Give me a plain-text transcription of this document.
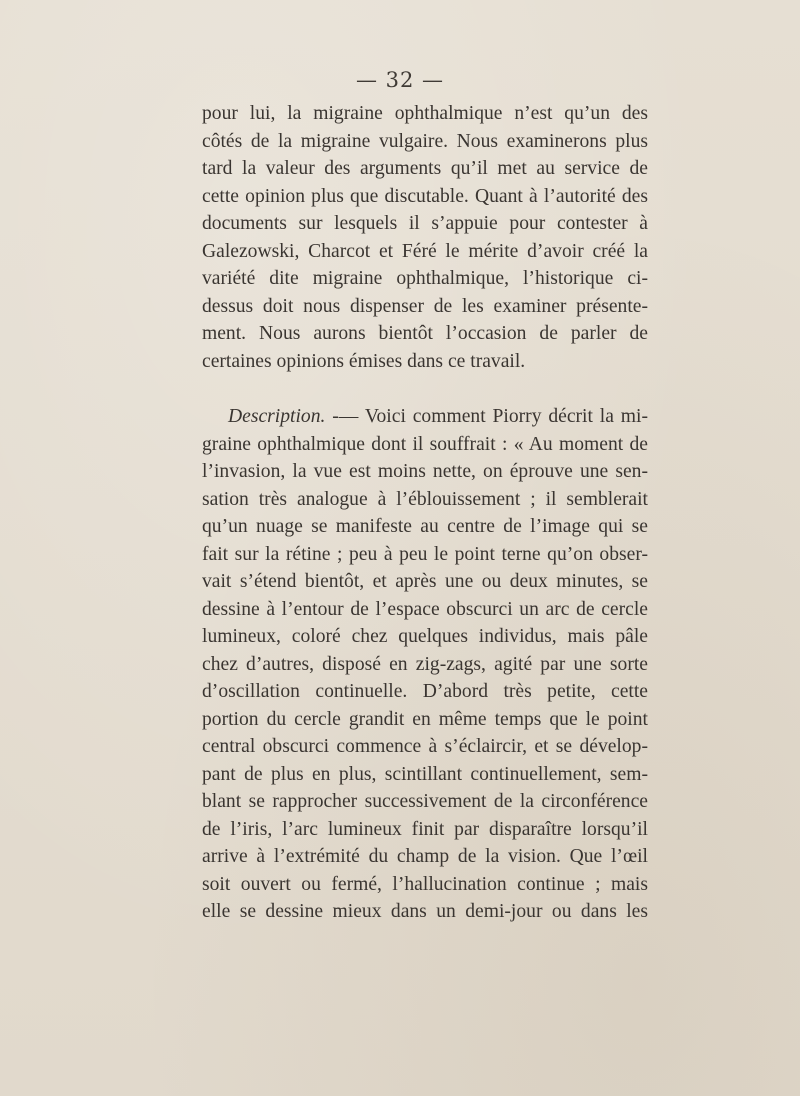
— 32 —
pour lui, la migraine ophthalmique n’est qu’un des
côtés de la migraine vulgaire. Nous examinerons plus
tard la valeur des arguments qu’il met au service de
cette opinion plus que discutable. Quant à l’autorité des
documents sur lesquels il s’appuie pour contester à
Galezowski, Charcot et Féré le mérite d’avoir créé la
variété dite migraine ophthalmique, l’historique ci-
dessus doit nous dispenser de les examiner présente-
ment. Nous aurons bientôt l’occasion de parler de
certaines opinions émises dans ce travail.
Description. -— Voici comment Piorry décrit la mi-
graine ophthalmique dont il souffrait : « Au moment de
l’invasion, la vue est moins nette, on éprouve une sen-
sation très analogue à l’éblouissement ; il semblerait
qu’un nuage se manifeste au centre de l’image qui se
fait sur la rétine ; peu à peu le point terne qu’on obser-
vait s’étend bientôt, et après une ou deux minutes, se
dessine à l’entour de l’espace obscurci un arc de cercle
lumineux, coloré chez quelques individus, mais pâle
chez d’autres, disposé en zig-zags, agité par une sorte
d’oscillation continuelle. D’abord très petite, cette
portion du cercle grandit en même temps que le point
central obscurci commence à s’éclaircir, et se dévelop-
pant de plus en plus, scintillant continuellement, sem-
blant se rapprocher successivement de la circonférence
de l’iris, l’arc lumineux finit par disparaître lorsqu’il
arrive à l’extrémité du champ de la vision. Que l’œil
soit ouvert ou fermé, l’hallucination continue ; mais
elle se dessine mieux dans un demi-jour ou dans les
